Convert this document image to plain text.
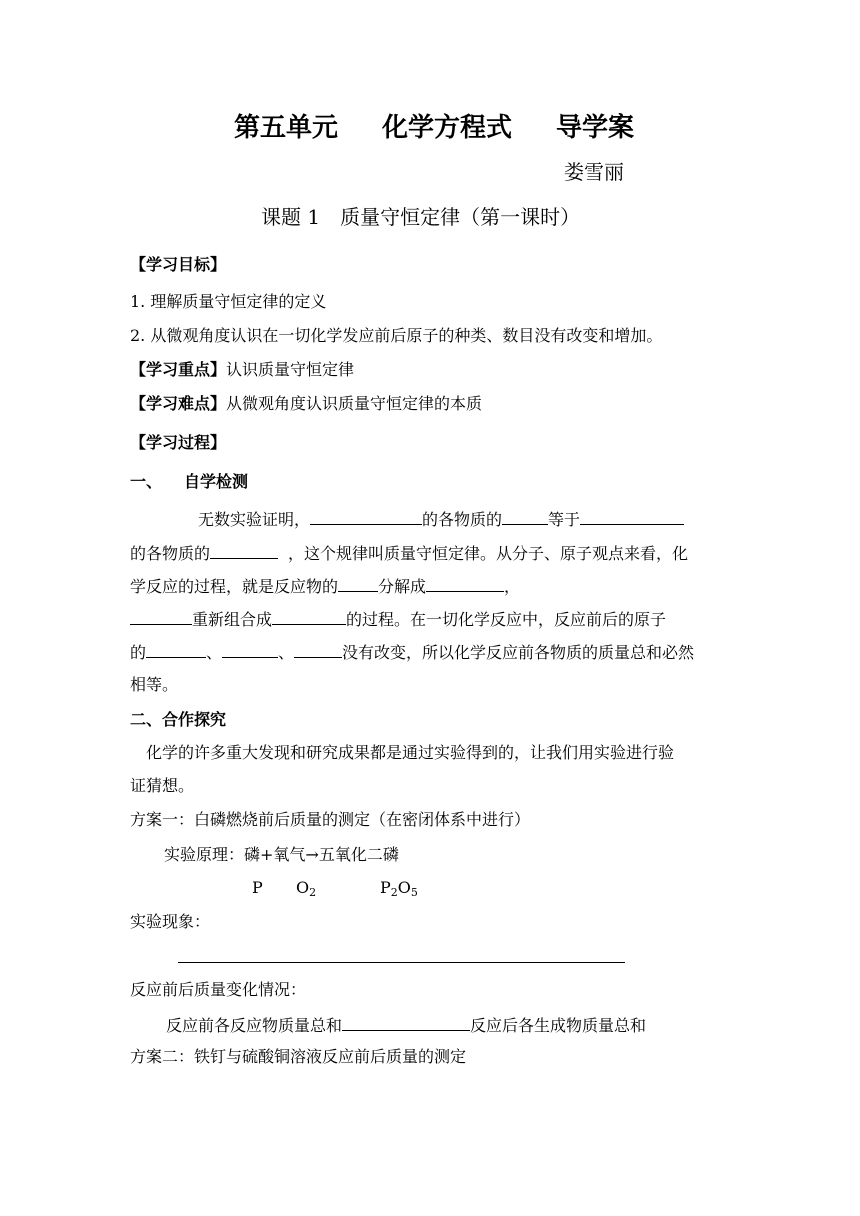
第五单元 化学方程式 导学案
娄雪丽
课题 1　质量守恒定律（第一课时）
【学习目标】
1. 理解质量守恒定律的定义
2. 从微观角度认识在一切化学发应前后原子的种类、数目没有改变和增加。
【学习重点】认识质量守恒定律
【学习难点】从微观角度认识质量守恒定律的本质
【学习过程】
一、 自学检测
无数实验证明，	的各物质的	等于
的各物质的	，这个规律叫质量守恒定律。从分子、原子观点来看，化
学反应的过程，就是反应物的	分解成	，
重新组合成	的过程。在一切化学反应中，反应前后的原子
的	、	、	没有改变，所以化学反应前各物质的质量总和必然
相等。
二、合作探究
化学的许多重大发现和研究成果都是通过实验得到的，让我们用实验进行验
证猜想。
方案一：白磷燃烧前后质量的测定（在密闭体系中进行）
实验原理：磷+氧气→五氧化二磷
P $O_2$	$P_2O_5$
实验现象：
反应前后质量变化情况：
反应前各反应物质量总和	反应后各生成物质量总和
方案二：铁钉与硫酸铜溶液反应前后质量的测定
